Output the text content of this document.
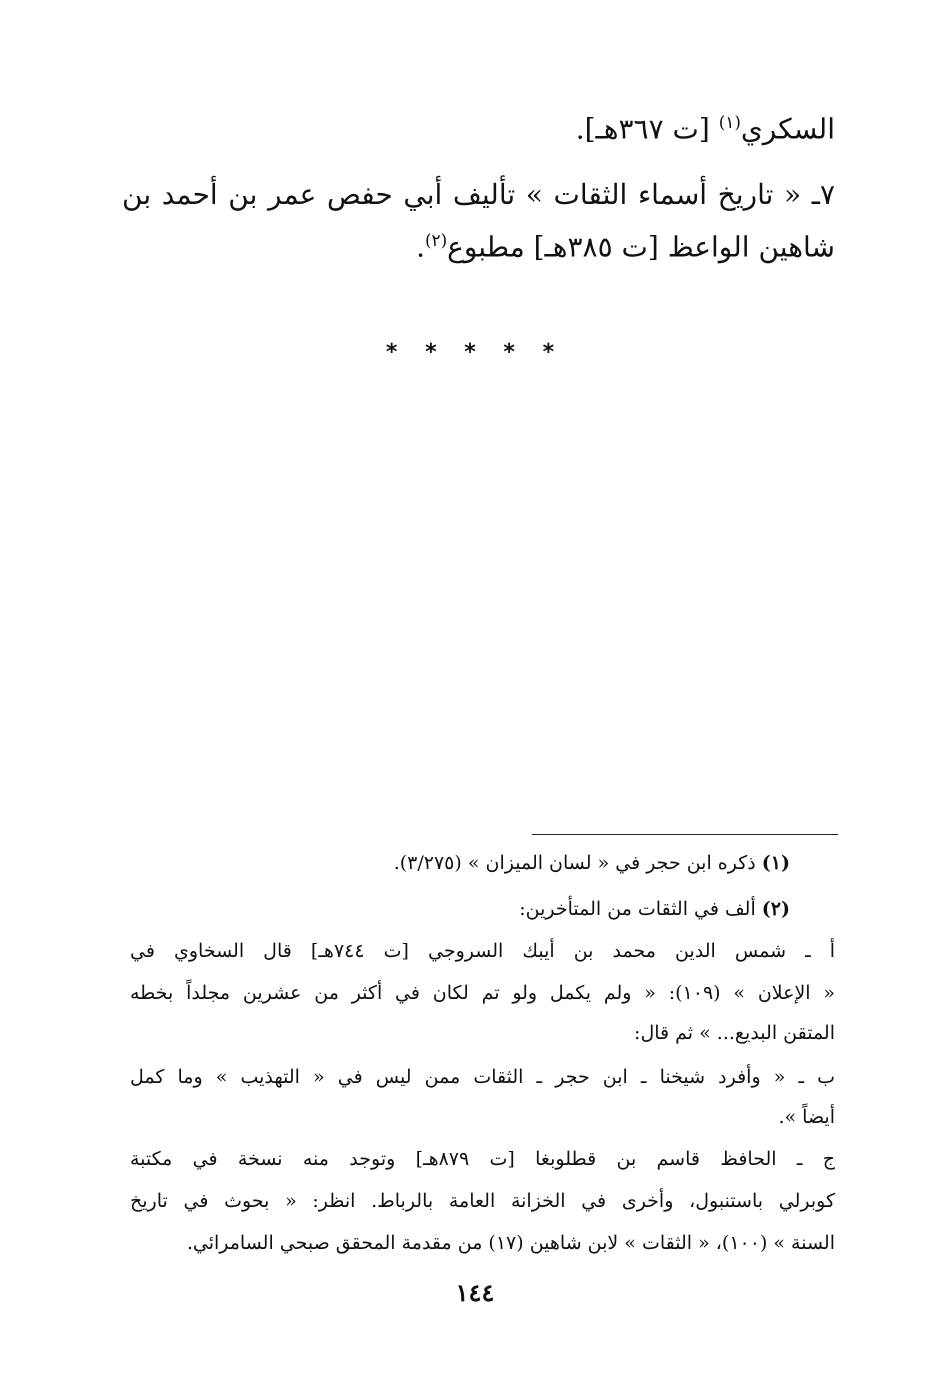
السكري$^{(١)}$ [ت ٣٦٧هـ].
٧ـ « تاريخ أسماء الثقات » تأليف أبي حفص عمر بن أحمد بن
شاهين الواعظ [ت ٣٨٥هـ] مطبوع$^{(٢)}$.
* * * * *
(١) ذكره ابن حجر في « لسان الميزان » (٣/٢٧٥).
(٢) ألف في الثقات من المتأخرين:
أ ـ شمس الدين محمد بن أيبك السروجي [ت ٧٤٤هـ] قال السخاوي في
« الإعلان » (١٠٩): « ولم يكمل ولو تم لكان في أكثر من عشرين مجلداً بخطه
المتقن البديع... » ثم قال:
ب ـ « وأفرد شيخنا ـ ابن حجر ـ الثقات ممن ليس في « التهذيب » وما كمل
أيضاً ».
ج ـ الحافظ قاسم بن قطلوبغا [ت ٨٧٩هـ] وتوجد منه نسخة في مكتبة
كوبرلي باستنبول، وأخرى في الخزانة العامة بالرباط. انظر: « بحوث في تاريخ
السنة » (١٠٠)، « الثقات » لابن شاهين (١٧) من مقدمة المحقق صبحي السامرائي.
١٤٤
